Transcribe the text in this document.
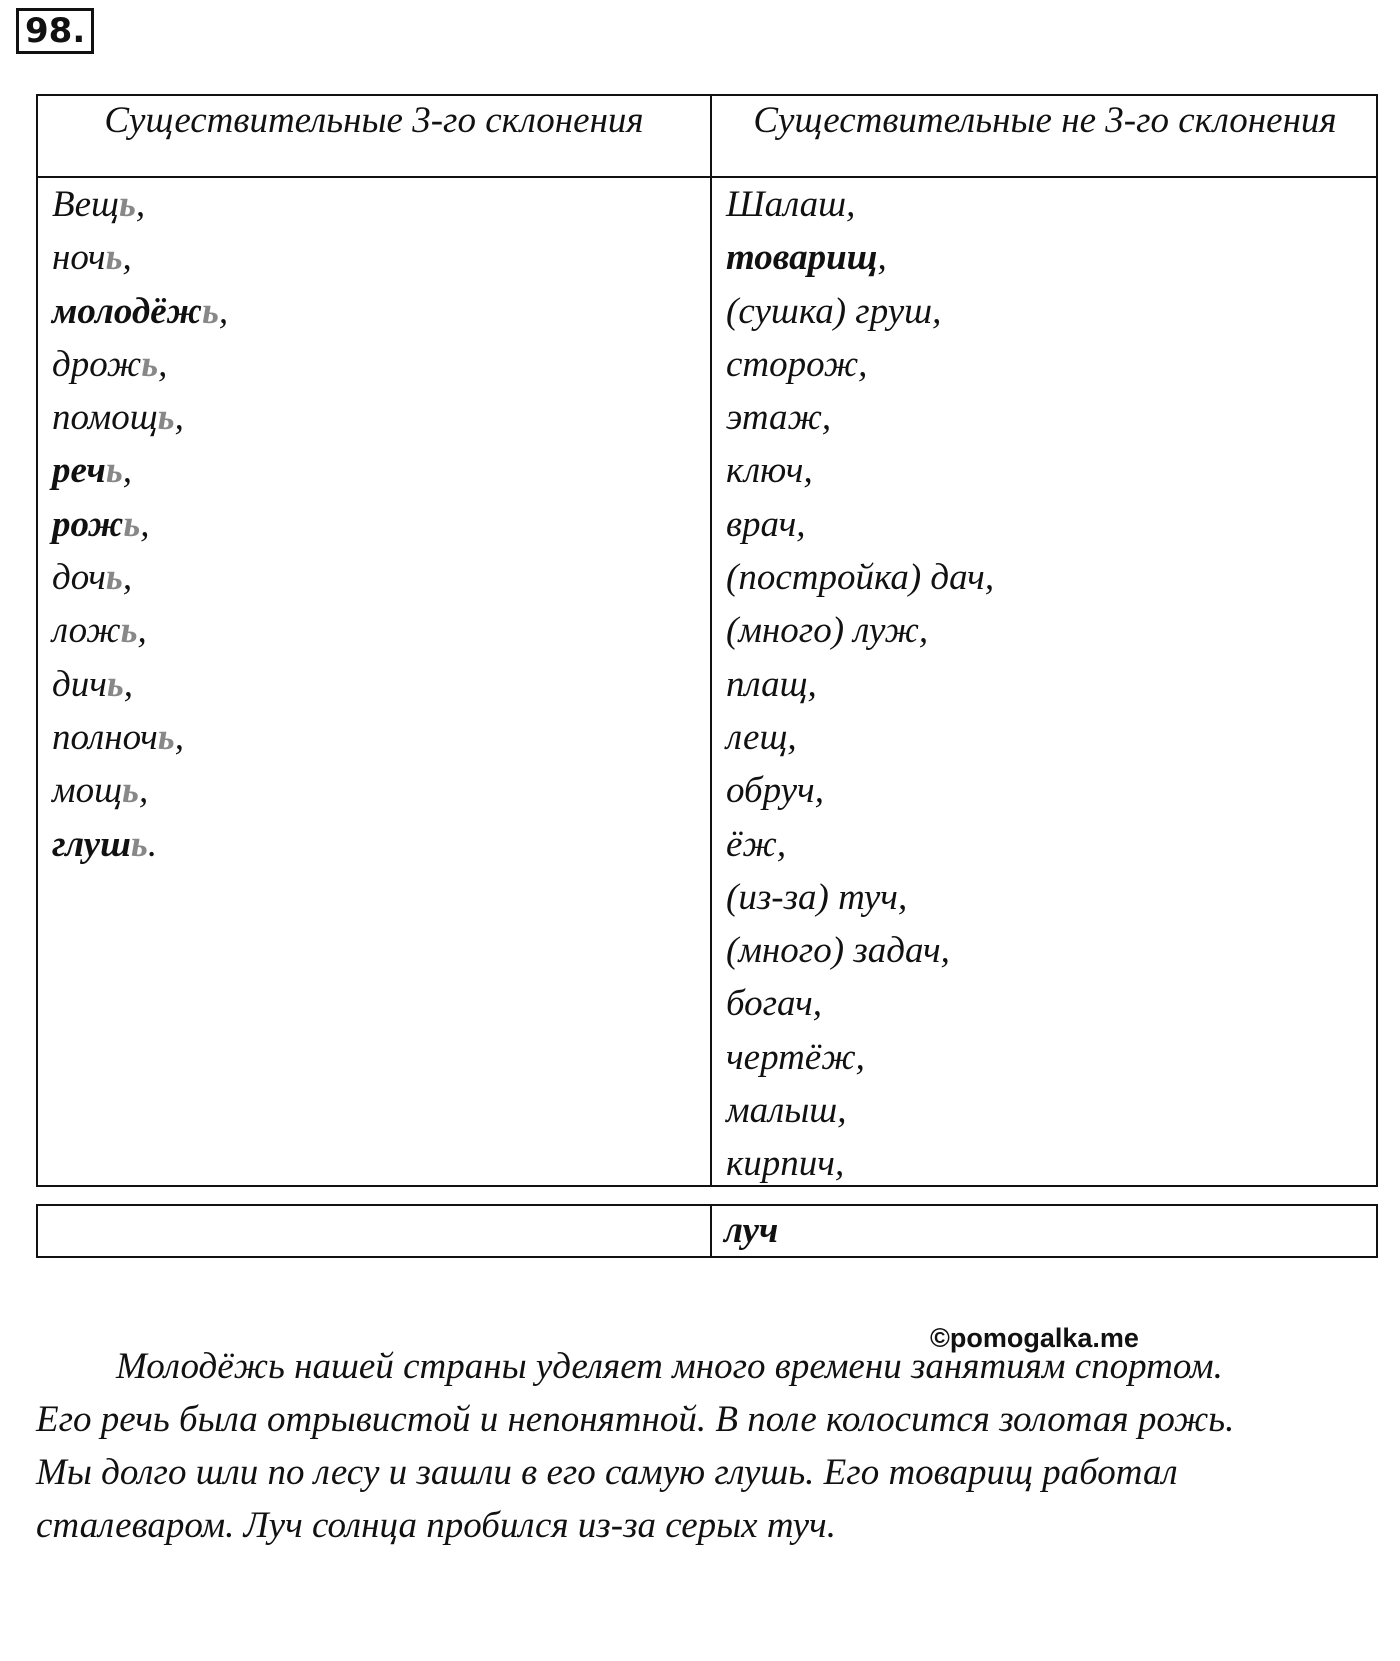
98.
Существительные 3-го склонения	Существительные не 3-го склонения
Вещь,
ночь,
молодёжь,
дрожь,
помощь,
речь,
рожь,
дочь,
ложь,
дичь,
полночь,
мощь,
глушь.
Шалаш,
товарищ,
(сушка) груш,
сторож,
этаж,
ключ,
врач,
(постройка) дач,
(много) луж,
плащ,
лещ,
обруч,
ёж,
(из-за) туч,
(много) задач,
богач,
чертёж,
малыш,
кирпич,
луч
©pomogalka.me

Молодёжь нашей страны уделяет много времени занятиям спортом.
Его речь была отрывистой и непонятной. В поле колосится золотая рожь.
Мы долго шли по лесу и зашли в его самую глушь. Его товарищ работал
сталеваром. Луч солнца пробился из-за серых туч.
